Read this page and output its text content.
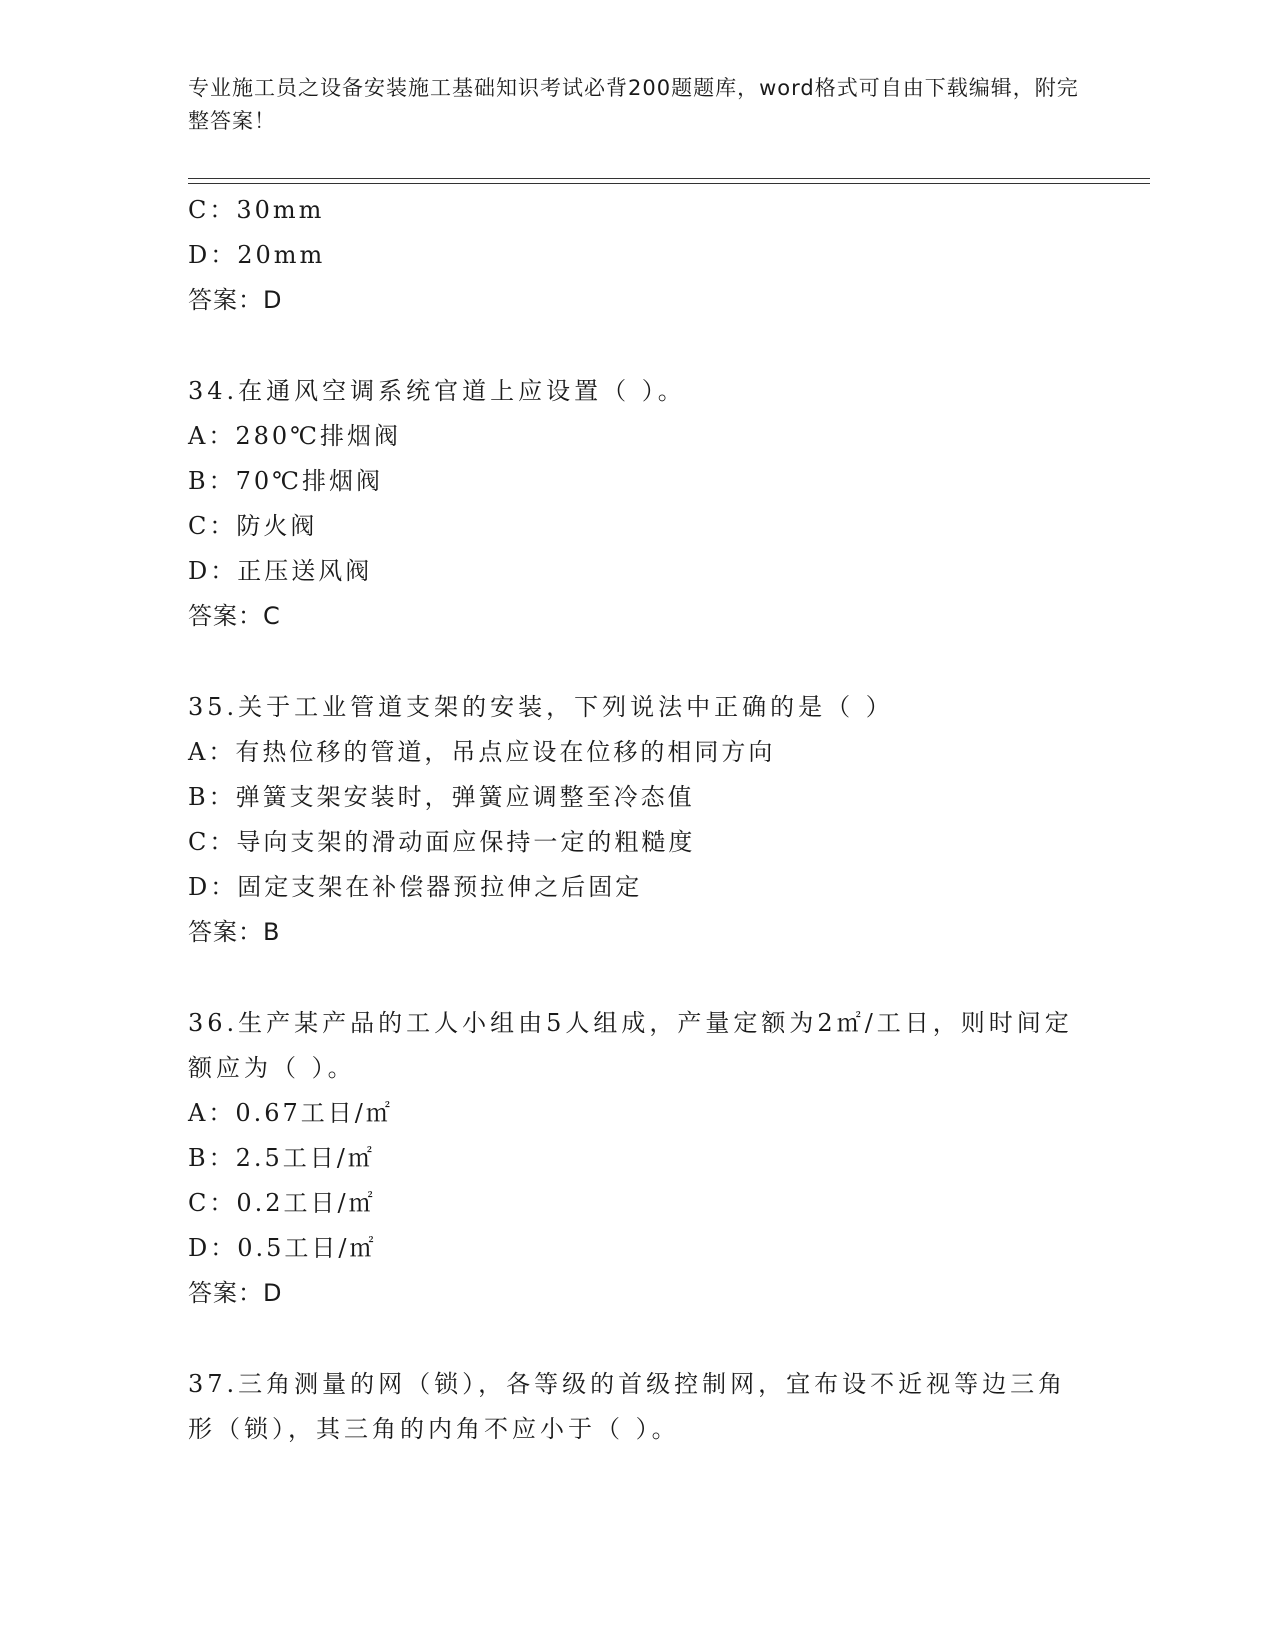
专业施工员之设备安装施工基础知识考试必背200题题库，word格式可自由下载编辑，附完整答案！
C：30mm
D：20mm
答案：D
34.在通风空调系统官道上应设置（ ）。
A：280℃排烟阀
B：70℃排烟阀
C：防火阀
D：正压送风阀
答案：C
35.关于工业管道支架的安装，下列说法中正确的是（ ）
A：有热位移的管道，吊点应设在位移的相同方向
B：弹簧支架安装时，弹簧应调整至冷态值
C：导向支架的滑动面应保持一定的粗糙度
D：固定支架在补偿器预拉伸之后固定
答案：B
36.生产某产品的工人小组由5人组成，产量定额为2㎡/工日，则时间定额应为（ ）。
A：0.67工日/㎡
B：2.5工日/㎡
C：0.2工日/㎡
D：0.5工日/㎡
答案：D
37.三角测量的网（锁），各等级的首级控制网，宜布设不近视等边三角形（锁），其三角的内角不应小于（ ）。
